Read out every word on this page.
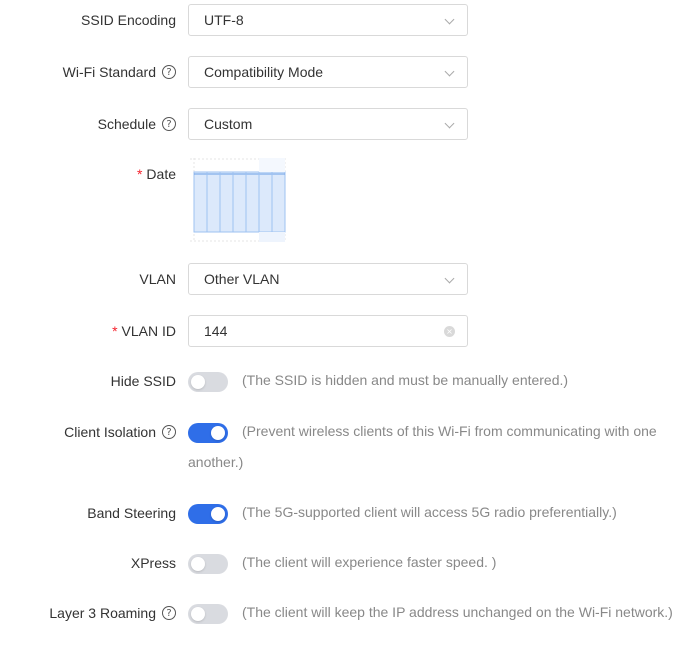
SSID Encoding UTF-8
Wi-Fi Standard	?	Compatibility Mode
Schedule	?	Custom
* Date
VLAN Other VLAN
* VLAN ID 144	×
Hide SSID	(The SSID is hidden and must be manually entered.)
Client Isolation	?	(Prevent wireless clients of this Wi-Fi from communicating with one another.)
Band Steering	(The 5G-supported client will access 5G radio preferentially.)
XPress	(The client will experience faster speed. )
Layer 3 Roaming	?	(The client will keep the IP address unchanged on the Wi-Fi network.)
